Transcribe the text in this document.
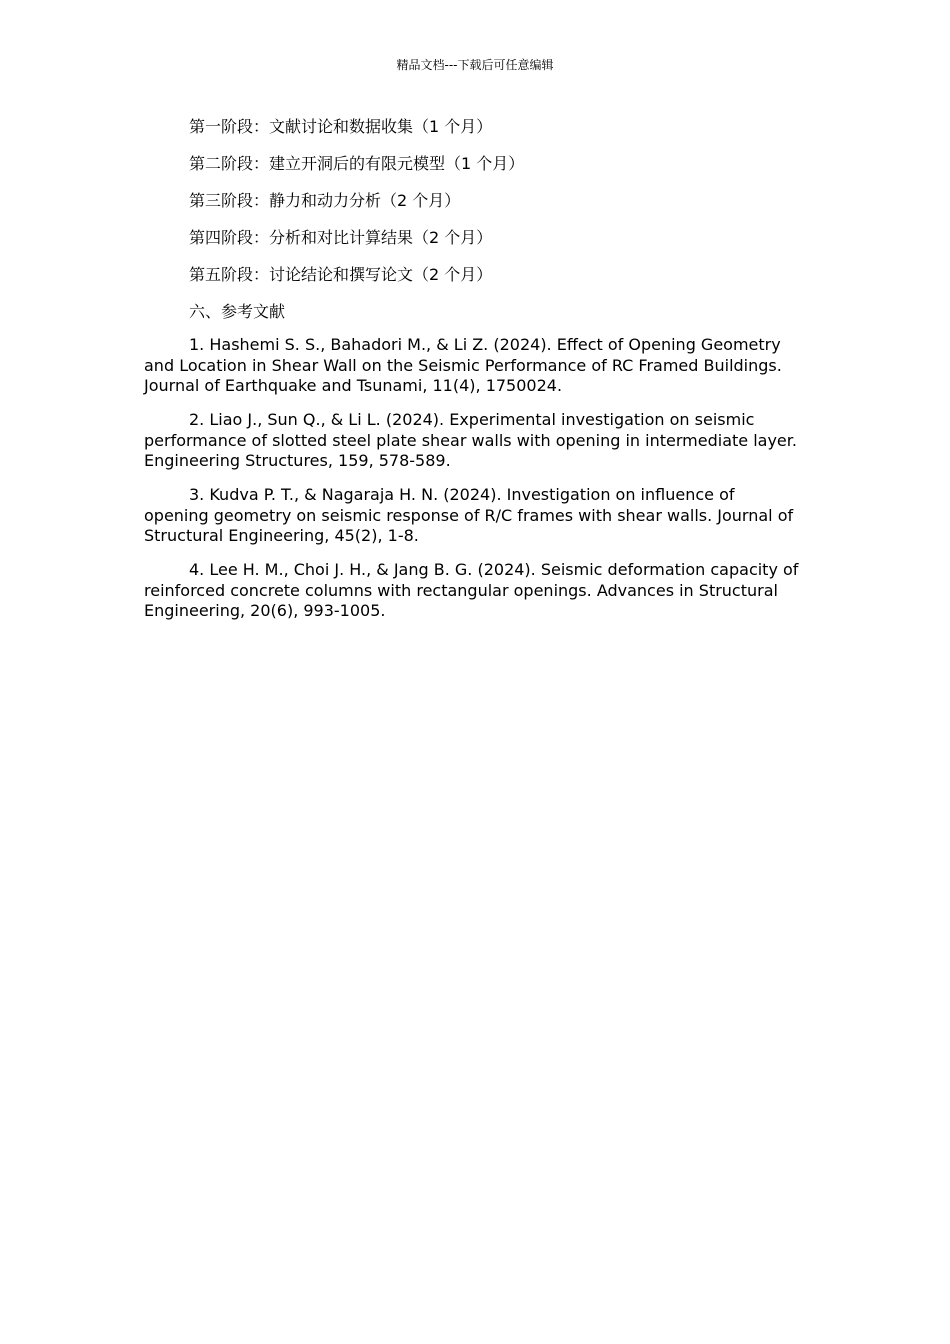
精品文档---下载后可任意编辑

第一阶段：文献讨论和数据收集（1 个月）

第二阶段：建立开洞后的有限元模型（1 个月）

第三阶段：静力和动力分析（2 个月）

第四阶段：分析和对比计算结果（2 个月）

第五阶段：讨论结论和撰写论文（2 个月）

六、参考文献

1. Hashemi S. S., Bahadori M., & Li Z. (2024). Effect of Opening Geometry and Location in Shear Wall on the Seismic Performance of RC Framed Buildings. Journal of Earthquake and Tsunami, 11(4), 1750024.

2. Liao J., Sun Q., & Li L. (2024). Experimental investigation on seismic performance of slotted steel plate shear walls with opening in intermediate layer. Engineering Structures, 159, 578-589.

3. Kudva P. T., & Nagaraja H. N. (2024). Investigation on influence of opening geometry on seismic response of R/C frames with shear walls. Journal of Structural Engineering, 45(2), 1-8.

4. Lee H. M., Choi J. H., & Jang B. G. (2024). Seismic deformation capacity of reinforced concrete columns with rectangular openings. Advances in Structural Engineering, 20(6), 993-1005.
